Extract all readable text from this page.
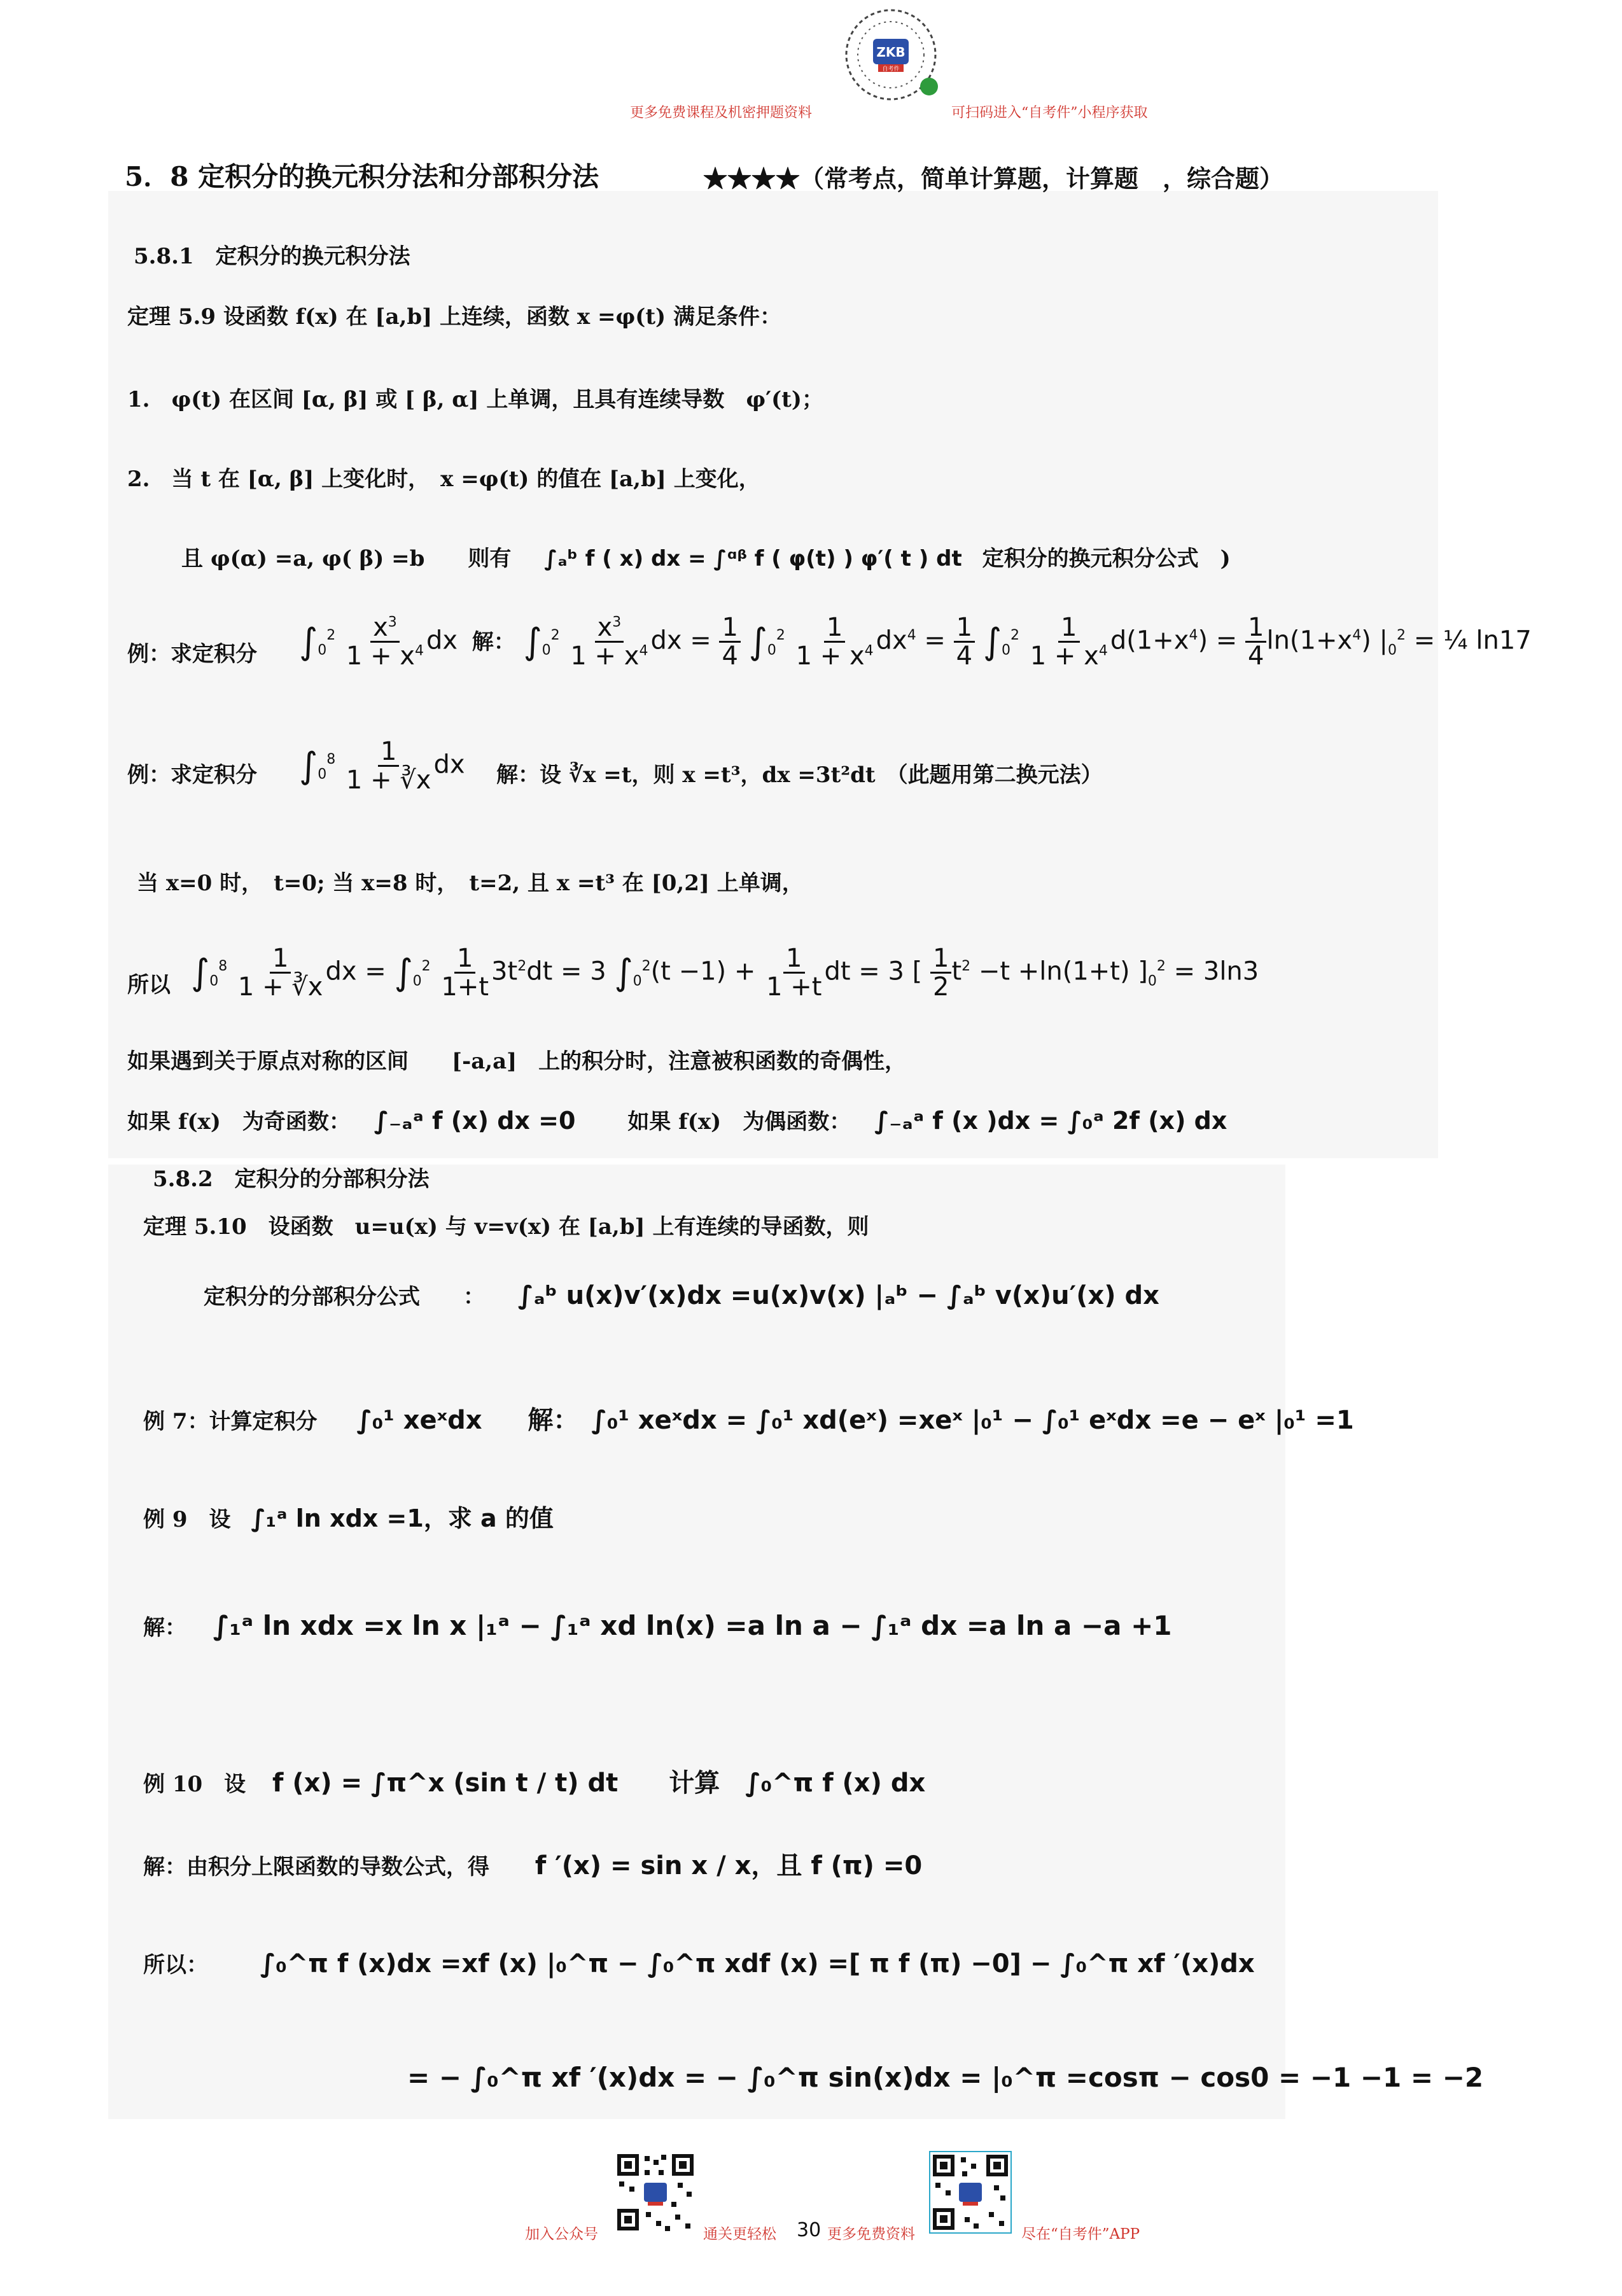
ZKB
自考件
更多免费课程及机密押题资料	可扫码进入“自考件”小程序获取
5．8 定积分的换元积分法和分部积分法	★★★★（常考点，简单计算题，计算题　，综合题）
5.8.1　定积分的换元积分法
定理 5.9 设函数 f(x) 在 [a,b] 上连续，函数 x =φ(t) 满足条件：
1.　φ(t) 在区间 [α, β] 或 [ β, α] 上单调，且具有连续导数　φ′(t)；
2.　当 t 在 [α, β] 上变化时，　x =φ(t) 的值在 [a,b] 上变化，
且 φ(α) =a, φ( β) =b　　则有 ∫ₐᵇ f ( x) dx = ∫ᵅᵝ f ( φ(t) ) φ′( t ) dt 定积分的换元积分公式　)
例：求定积分 $\int_0^2 \frac{x^3}{1 + x^4}$ dx 解： $\int_0^2 \frac{x^3}{1 + x^4}$ dx = $\frac{1}{4} \int_0^2 \frac{1}{1 + x^4} dx^4 = \frac{1}{4} \int_0^2 \frac{1}{1 + x^4} d(1+x^4) = \frac{1}{4} \ln(1+x^4) |_0^2$ = ¼ ln17
例：求定积分 $\int_0^8 \frac{1}{1 + ∛x}$ dx 解：设 ∛x =t，则 x =t³，dx =3t²dt　（此题用第二换元法）
当 x=0 时，　t=0; 当 x=8 时，　t=2, 且 x =t³ 在 [0,2] 上单调，
所以 $\int_0^8 \frac{1}{1 + ∛x}$ dx = $\int_0^2 \frac{1}{1+t} 3t^2dt = 3$ $\int_0^2(t -1) + \frac{1}{1 +t}$ dt = 3 [ $\frac{1}{2} t^2 -t +\ln(1+t) ]_0^2 = 3\ln 3$
如果遇到关于原点对称的区间　　[-a,a]　上的积分时，注意被积函数的奇偶性，
如果 f(x)　为奇函数： ∫₋ₐᵃ f (x) dx =0 如果 f(x)　为偶函数： ∫₋ₐᵃ f (x )dx = ∫₀ᵃ 2f (x) dx
5.8.2　定积分的分部积分法
定理 5.10　设函数　u=u(x) 与 v=v(x) 在 [a,b] 上有连续的导函数，则
定积分的分部积分公式　　： ∫ₐᵇ u(x)v′(x)dx =u(x)v(x) |ₐᵇ − ∫ₐᵇ v(x)u′(x) dx
例 7：计算定积分 ∫₀¹ xeˣdx 解：　∫₀¹ xeˣdx = ∫₀¹ xd(eˣ) =xeˣ |₀¹ − ∫₀¹ eˣdx =e − eˣ |₀¹ =1
例 9　设 ∫₁ᵃ ln xdx =1，求 a 的值
解： ∫₁ᵃ ln xdx =x ln x |₁ᵃ − ∫₁ᵃ xd ln(x) =a ln a − ∫₁ᵃ dx =a ln a −a +1
例 10　设 f (x) = ∫π^x (sin t / t) dt　　计算　∫₀^π f (x) dx
解：由积分上限函数的导数公式，得 f ′(x) = sin x / x，且 f (π) =0
所以： ∫₀^π f (x)dx =xf (x) |₀^π − ∫₀^π xdf (x) =[ π f (π) −0] − ∫₀^π xf ′(x)dx
= − ∫₀^π xf ′(x)dx = − ∫₀^π sin(x)dx = |₀^π =cosπ − cos0 = −1 −1 = −2
加入公众号	通关更轻松 30 更多免费资料	尽在“自考件”APP
